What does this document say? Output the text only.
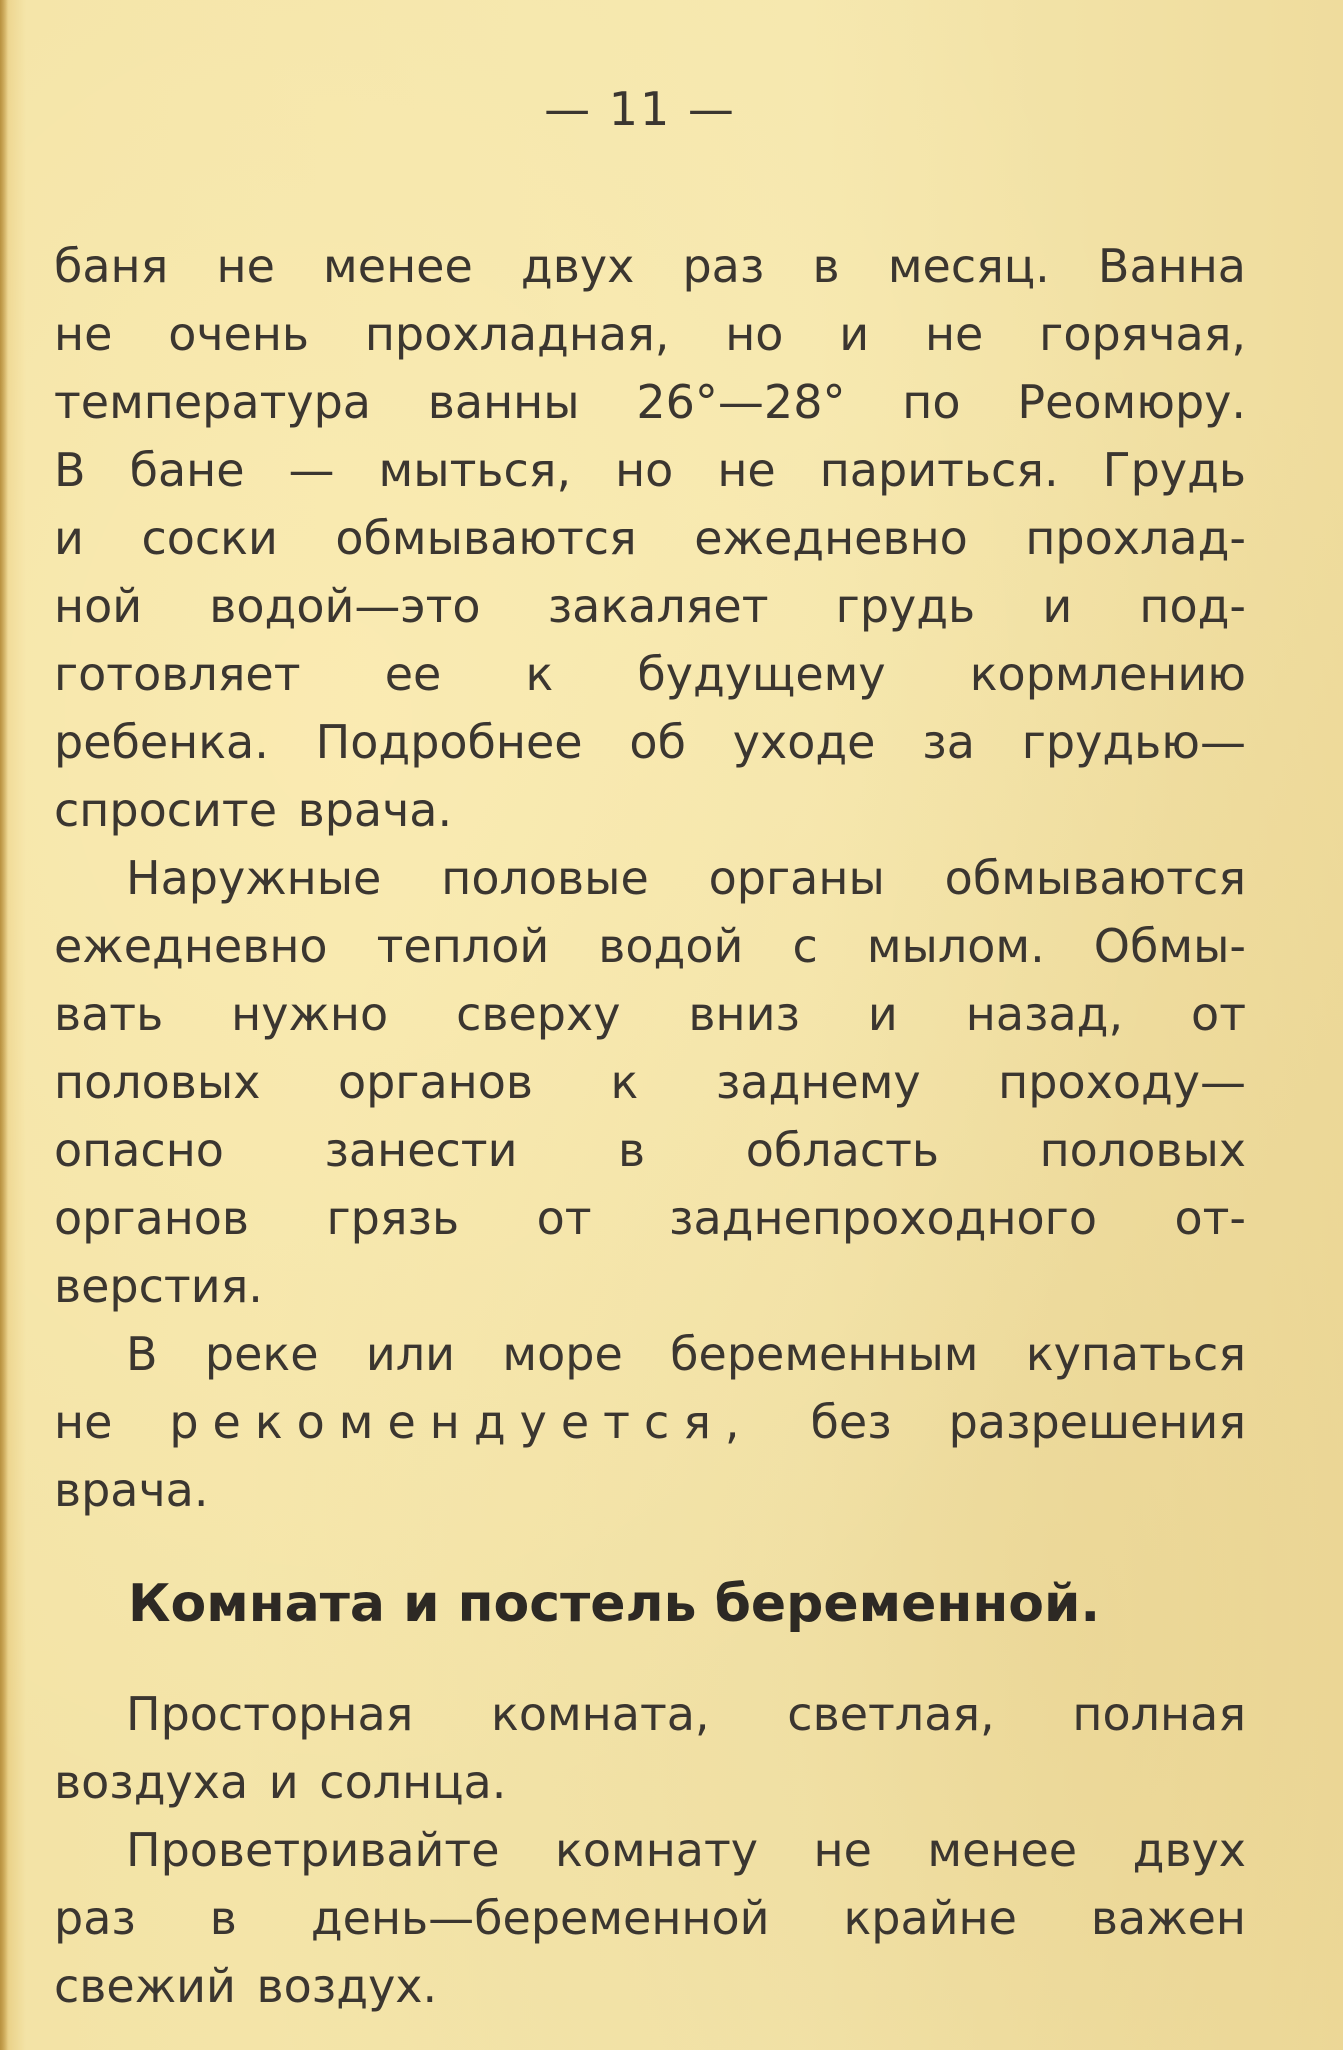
— 11 —

баня не менее двух раз в месяц. Ванна
не очень прохладная, но и не горячая,
температура ванны 26°—28° по Реомюру.
В бане — мыться, но не париться. Грудь
и соски обмываются ежедневно прохлад-
ной водой—это закаляет грудь и под-
готовляет ее к будущему кормлению
ребенка. Подробнее об уходе за грудью—
спросите врача.

Наружные половые органы обмываются
ежедневно теплой водой с мылом. Обмы-
вать нужно сверху вниз и назад, от
половых органов к заднему проходу—
опасно занести в область половых
органов грязь от заднепроходного от-
верстия.

В реке или море беременным купаться
не рекомендуется, без разрешения
врача.

Комната и постель беременной.

Просторная комната, светлая, полная
воздуха и солнца.

Проветривайте комнату не менее двух
раз в день—беременной крайне важен
свежий воздух.
